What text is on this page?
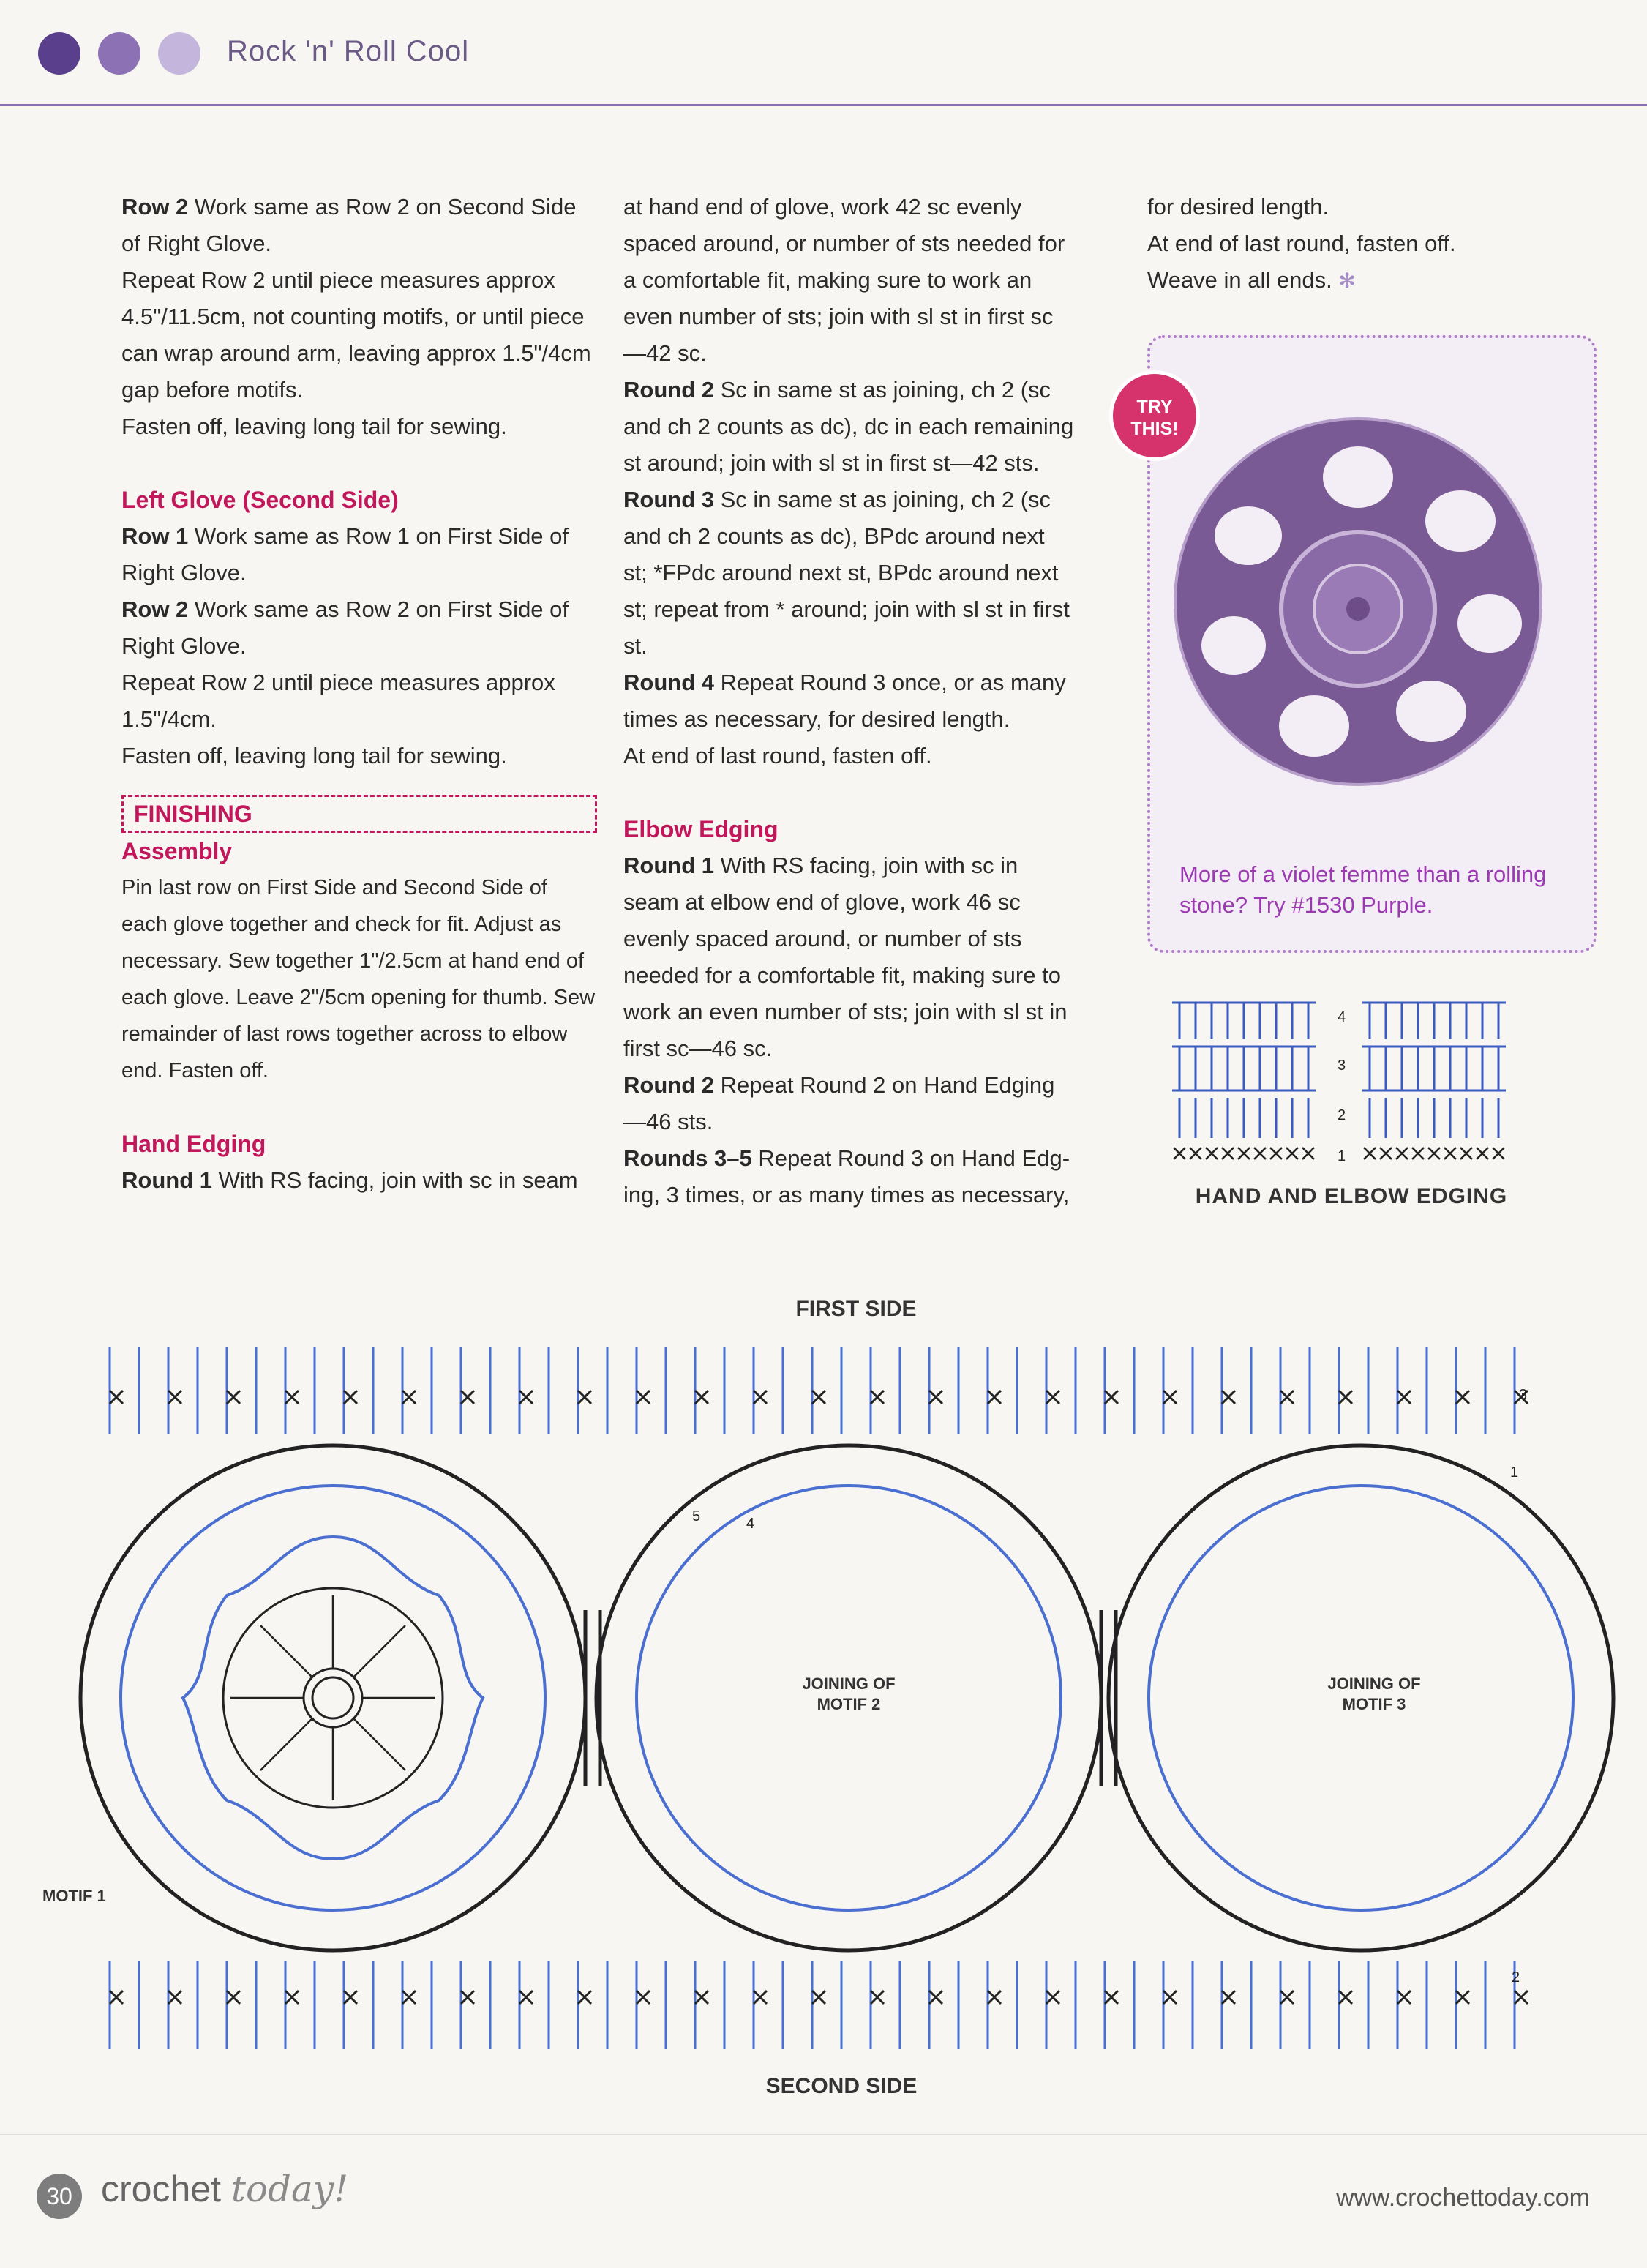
Rock 'n' Roll Cool

Row 2 Work same as Row 2 on Second Side of Right Glove.

Repeat Row 2 until piece measures approx 4.5"/11.5cm, not counting motifs, or until piece can wrap around arm, leaving approx 1.5"/4cm gap before motifs.

Fasten off, leaving long tail for sewing.

Left Glove (Second Side)

Row 1 Work same as Row 1 on First Side of Right Glove.

Row 2 Work same as Row 2 on First Side of Right Glove.

Repeat Row 2 until piece measures approx 1.5"/4cm.

Fasten off, leaving long tail for sewing.

FINISHING

Assembly

Pin last row on First Side and Second Side of each glove together and check for fit. Adjust as necessary. Sew together 1"/2.5cm at hand end of each glove. Leave 2"/5cm opening for thumb. Sew remainder of last rows together across to elbow end. Fasten off.

Hand Edging

Round 1 With RS facing, join with sc in seam

at hand end of glove, work 42 sc evenly spaced around, or number of sts needed for a comfortable fit, making sure to work an even number of sts; join with sl st in first sc—42 sc.

Round 2 Sc in same st as joining, ch 2 (sc and ch 2 counts as dc), dc in each remaining st around; join with sl st in first st—42 sts.

Round 3 Sc in same st as joining, ch 2 (sc and ch 2 counts as dc), BPdc around next st; *FPdc around next st, BPdc around next st; repeat from * around; join with sl st in first st.

Round 4 Repeat Round 3 once, or as many times as necessary, for desired length.

At end of last round, fasten off.

Elbow Edging

Round 1 With RS facing, join with sc in seam at elbow end of glove, work 46 sc evenly spaced around, or number of sts needed for a comfortable fit, making sure to work an even number of sts; join with sl st in first sc—46 sc.

Round 2 Repeat Round 2 on Hand Edging —46 sts.

Rounds 3–5 Repeat Round 3 on Hand Edg-ing, 3 times, or as many times as necessary,

for desired length.

At end of last round, fasten off.

Weave in all ends. ✻

TRY THIS!
More of a violet femme than a rolling stone? Try #1530 Purple.
4
3
2
1
HAND AND ELBOW EDGING
FIRST SIDE
SECOND SIDE
MOTIF 1
JOINING OF
MOTIF 2
JOINING OF
MOTIF 3
1
2
3
4
5
30 crochet today!	www.crochettoday.com
